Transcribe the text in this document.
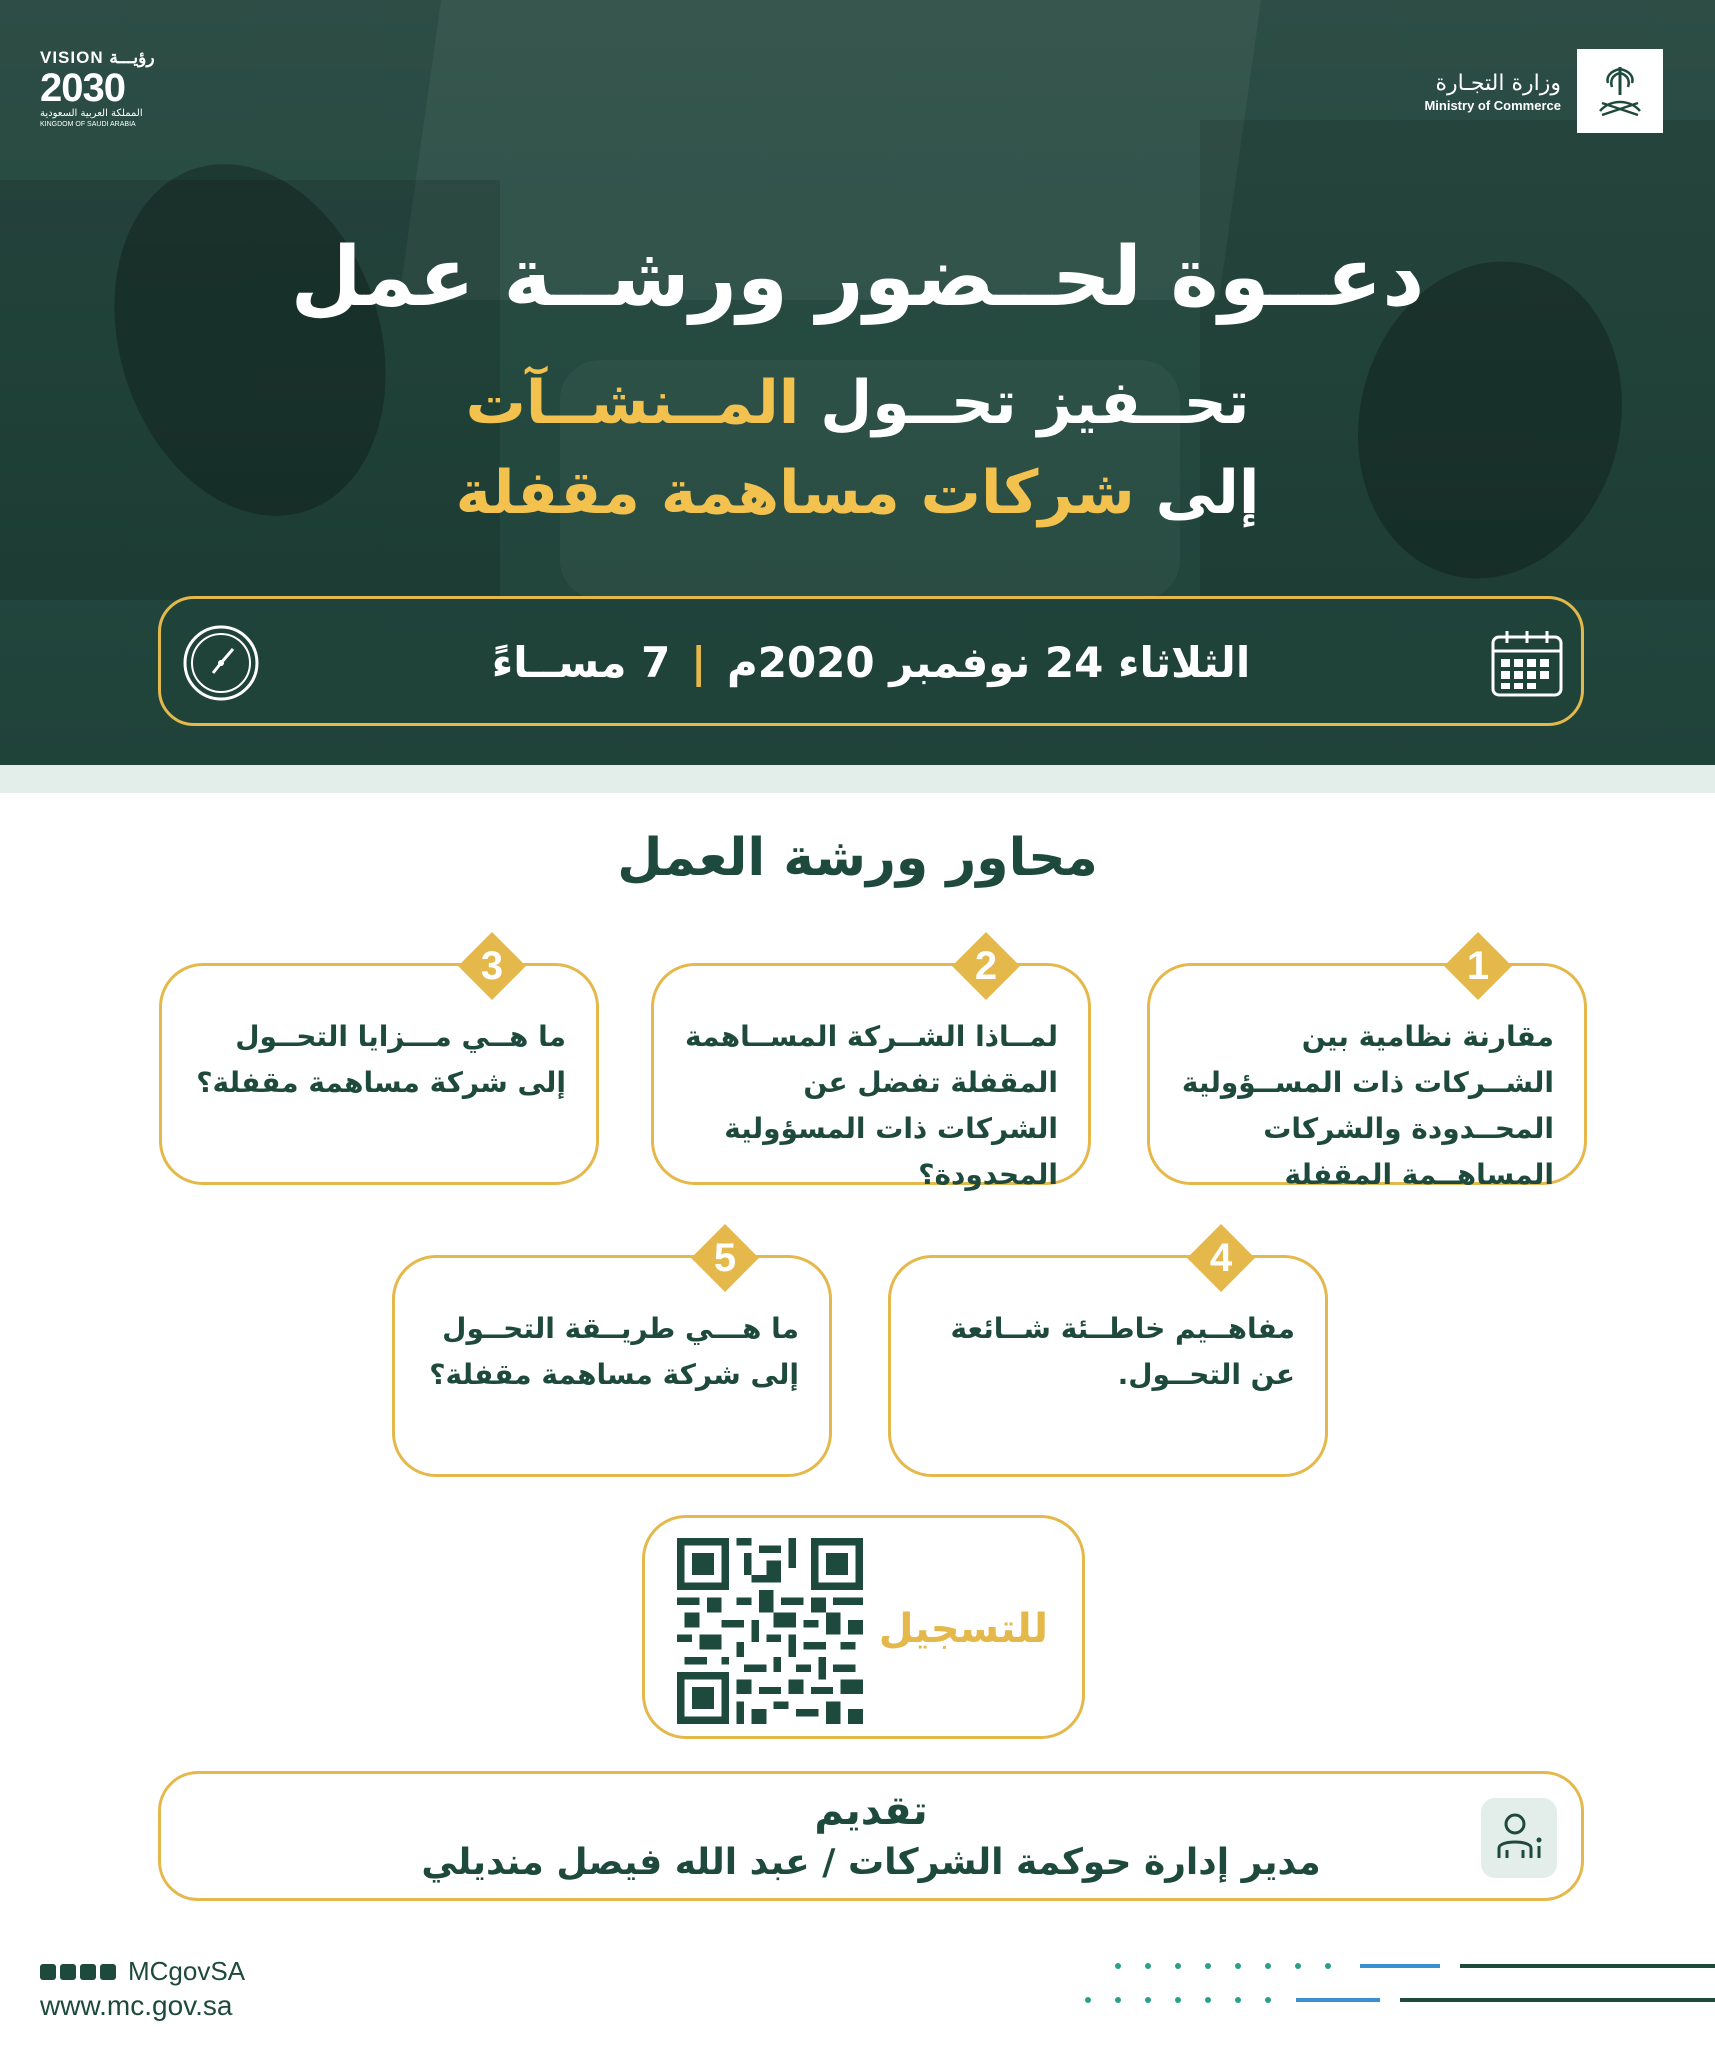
VISION رؤيـــة
2030
المملكة العربية السعودية
KINGDOM OF SAUDI ARABIA
وزارة التجـارة
Ministry of Commerce
دعــوة لحــضور ورشــة عمل
تحــفيز تحــول المــنشــآت
إلى شركات مساهمة مقفلة
الثلاثاء 24 نوفمبر 2020م | 7 مســاءً
محاور ورشة العمل
1
مقارنة نظامية بين الشــركات ذات المســؤولية المحــدودة والشركات المساهــمة المقفلة
2
لمــاذا الشــركة المســاهمة المقفلة تفضل عن الشركات ذات المسؤولية المحدودة؟
3
ما هــي مـــزايا التحــول إلى شركة مساهمة مقفلة؟
4
مفاهــيم خاطــئة شــائعة عن التحــول.
5
ما هـــي طريــقة التحــول إلى شركة مساهمة مقفلة؟
للتسجيل
تقديم
مدير إدارة حوكمة الشركات / عبد الله فيصل منديلي
MCgovSA
www.mc.gov.sa
